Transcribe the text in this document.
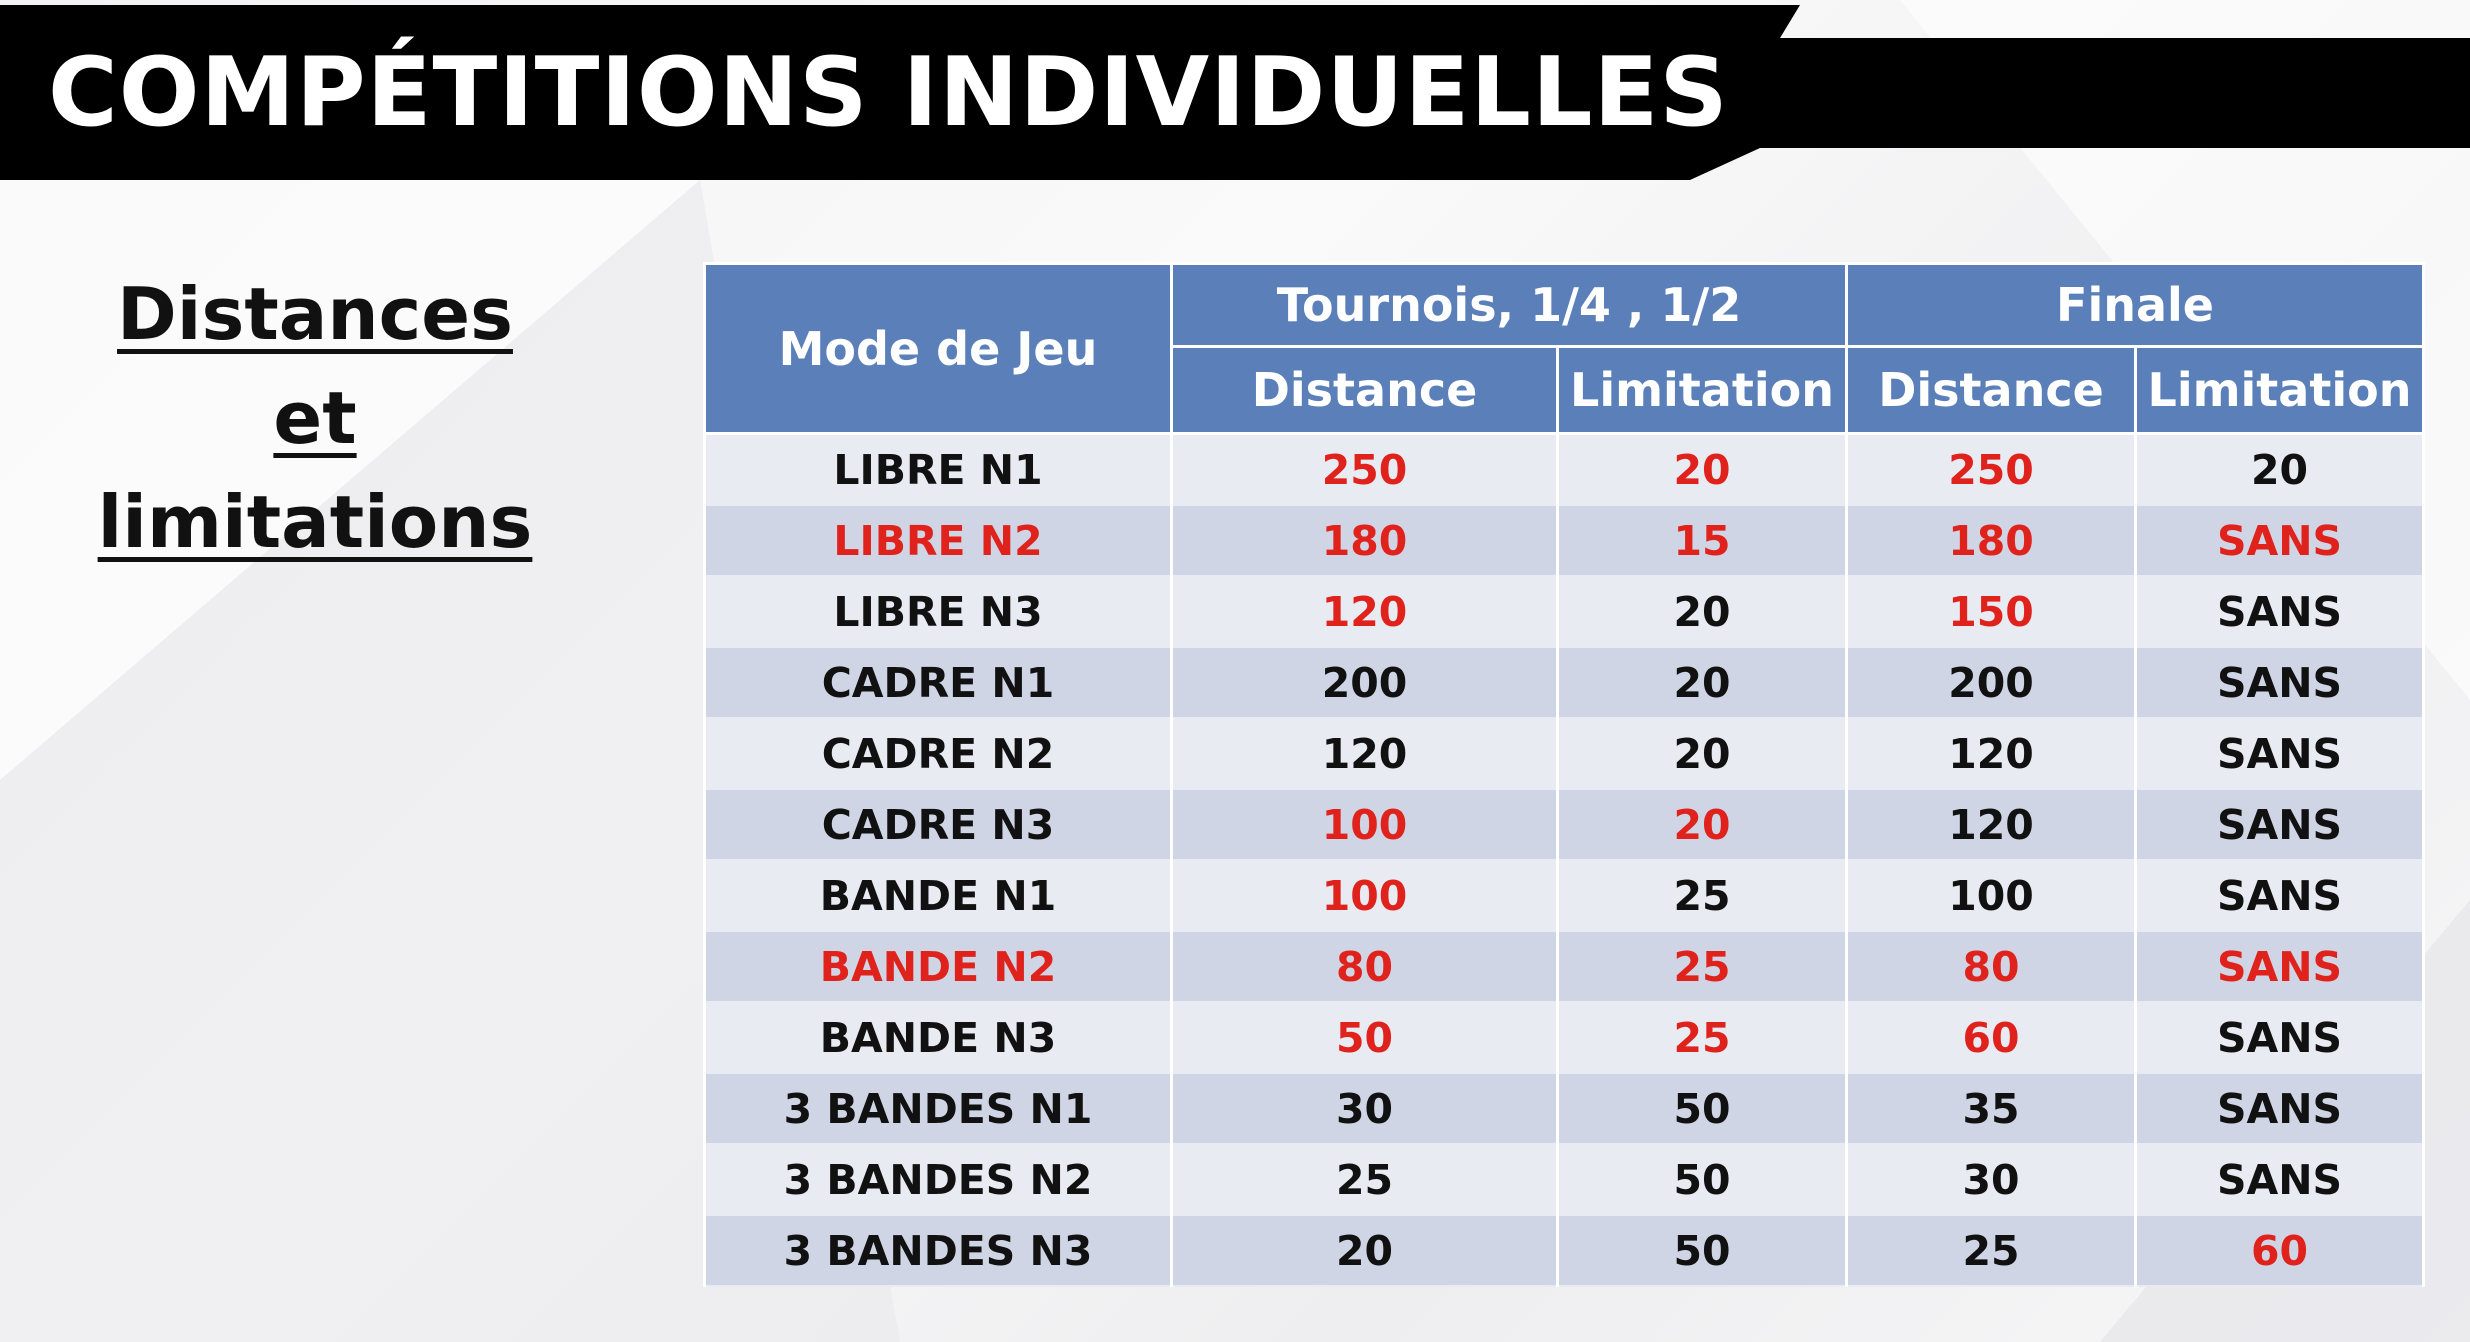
COMPÉTITIONS INDIVIDUELLES
Distances et
limitations
Mode de Jeu	Tournois, 1/4 , 1/2		Finale	
	Distance	Limitation	Distance	Limitation
LIBRE N1	250	20	250	20
LIBRE N2	180	15	180	SANS
LIBRE N3	120	20	150	SANS
CADRE N1	200	20	200	SANS
CADRE N2	120	20	120	SANS
CADRE N3	100	20	120	SANS
BANDE N1	100	25	100	SANS
BANDE N2	80	25	80	SANS
BANDE N3	50	25	60	SANS
3 BANDES N1	30	50	35	SANS
3 BANDES N2	25	50	30	SANS
3 BANDES N3	20	50	25	60
